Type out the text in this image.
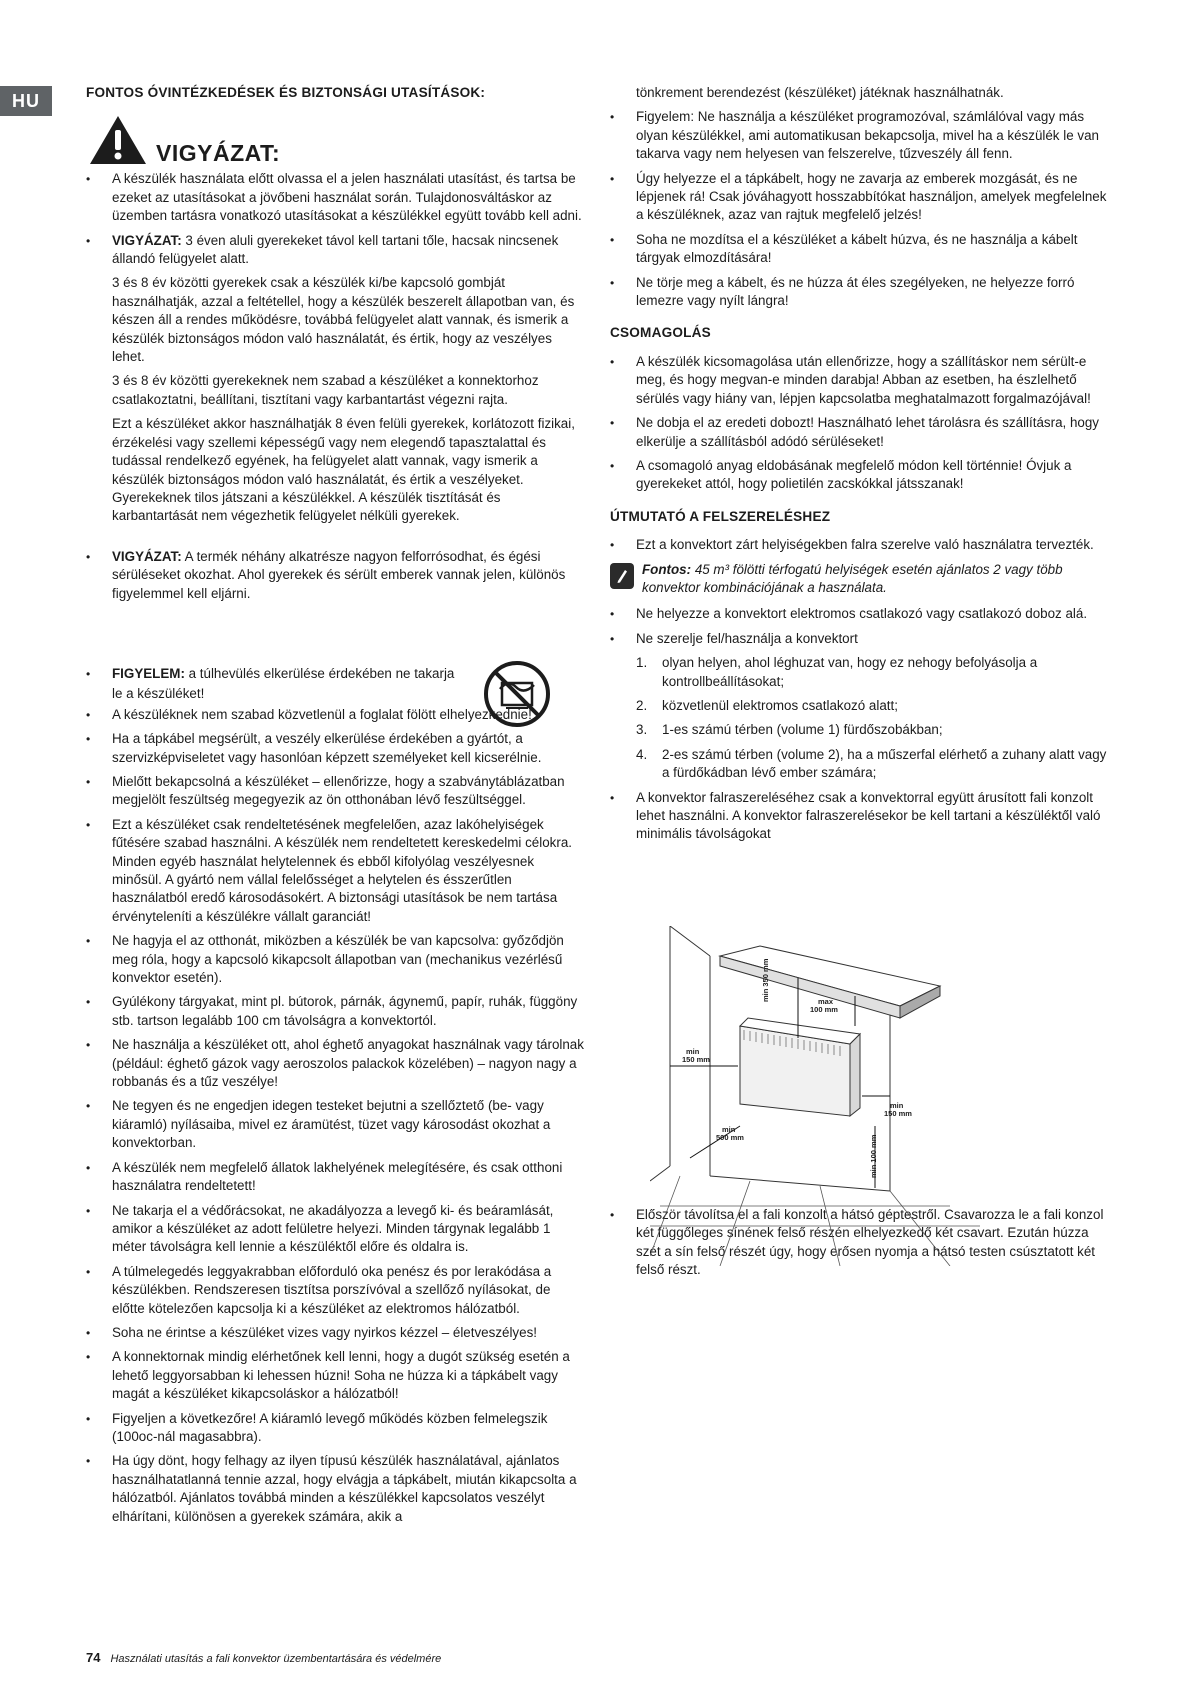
HU	FONTOS ÓVINTÉZKEDÉSEK ÉS BIZTONSÁGI UTASÍTÁSOK:
VIGYÁZAT:
• A készülék használata előtt olvassa el a jelen használati utasítást, és tartsa be ezeket az utasításokat a jövőbeni használat során. Tulajdonosváltáskor az üzemben tartásra vonatkozó utasításokat a készülékkel együtt tovább kell adni.
• VIGYÁZAT: 3 éven aluli gyerekeket távol kell tartani tőle, hacsak nincsenek állandó felügyelet alatt.
3 és 8 év közötti gyerekek csak a készülék ki/be kapcsoló gombját használhatják, azzal a feltétellel, hogy a készülék beszerelt állapotban van, és készen áll a rendes működésre, továbbá felügyelet alatt vannak, és ismerik a készülék biztonságos módon való használatát, és értik, hogy az veszélyes lehet.
3 és 8 év közötti gyerekeknek nem szabad a készüléket a konnektorhoz csatlakoztatni, beállítani, tisztítani vagy karbantartást végezni rajta.
Ezt a készüléket akkor használhatják 8 éven felüli gyerekek, korlátozott fizikai, érzékelési vagy szellemi képességű vagy nem elegendő tapasztalattal és tudással rendelkező egyének, ha felügyelet alatt vannak, vagy ismerik a készülék biztonságos módon való használatát, és értik a veszélyeket. Gyerekeknek tilos játszani a készülékkel. A készülék tisztítását és karbantartását nem végezhetik felügyelet nélküli gyerekek.
• VIGYÁZAT: A termék néhány alkatrésze nagyon felforrósodhat, és égési sérüléseket okozhat. Ahol gyerekek és sérült emberek vannak jelen, különös figyelemmel kell eljárni.
• FIGYELEM: a túlhevülés elkerülése érdekében ne takarja
le a készüléket!
• A készüléknek nem szabad közvetlenül a foglalat fölött elhelyezkednie!
• Ha a tápkábel megsérült, a veszély elkerülése érdekében a gyártót, a szervizképviseletet vagy hasonlóan képzett személyeket kell kicserélnie.
• Mielőtt bekapcsolná a készüléket – ellenőrizze, hogy a szabványtáblázatban megjelölt feszültség megegyezik az ön otthonában lévő feszültséggel.
• Ezt a készüléket csak rendeltetésének megfelelően, azaz lakóhelyiségek fűtésére szabad használni. A készülék nem rendeltetett kereskedelmi célokra. Minden egyéb használat helytelennek és ebből kifolyólag veszélyesnek minősül. A gyártó nem vállal felelősséget a helytelen és ésszerűtlen használatból eredő károsodásokért. A biztonsági utasítások be nem tartása érvényteleníti a készülékre vállalt garanciát!
• Ne hagyja el az otthonát, miközben a készülék be van kapcsolva: győződjön meg róla, hogy a kapcsoló kikapcsolt állapotban van (mechanikus vezérlésű konvektor esetén).
• Gyúlékony tárgyakat, mint pl. bútorok, párnák, ágynemű, papír, ruhák, függöny stb. tartson legalább 100 cm távolságra a konvektortól.
• Ne használja a készüléket ott, ahol éghető anyagokat használnak vagy tárolnak (például: éghető gázok vagy aeroszolos palackok közelében) – nagyon nagy a robbanás és a tűz veszélye!
• Ne tegyen és ne engedjen idegen testeket bejutni a szellőztető (be- vagy kiáramló) nyílásaiba, mivel ez áramütést, tüzet vagy károsodást okozhat a konvektorban.
• A készülék nem megfelelő állatok lakhelyének melegítésére, és csak otthoni használatra rendeltetett!
• Ne takarja el a védőrácsokat, ne akadályozza a levegő ki- és beáramlását, amikor a készüléket az adott felületre helyezi. Minden tárgynak legalább 1 méter távolságra kell lennie a készüléktől előre és oldalra is.
• A túlmelegedés leggyakrabban előforduló oka penész és por lerakódása a készülékben. Rendszeresen tisztítsa porszívóval a szellőző nyílásokat, de előtte kötelezően kapcsolja ki a készüléket az elektromos hálózatból.
• Soha ne érintse a készüléket vizes vagy nyirkos kézzel – életveszélyes!
• A konnektornak mindig elérhetőnek kell lenni, hogy a dugót szükség esetén a lehető leggyorsabban ki lehessen húzni! Soha ne húzza ki a tápkábelt vagy magát a készüléket kikapcsoláskor a hálózatból!
• Figyeljen a következőre! A kiáramló levegő működés közben felmelegszik (100oc-nál magasabbra).
• Ha úgy dönt, hogy felhagy az ilyen típusú készülék használatával, ajánlatos használhatatlanná tennie azzal, hogy elvágja a tápkábelt, miután kikapcsolta a hálózatból. Ajánlatos továbbá minden a készülékkel kapcsolatos veszélyt elhárítani, különösen a gyerekek számára, akik a
tönkrement berendezést (készüléket) játéknak használhatnák.
• Figyelem: Ne használja a készüléket programozóval, számlálóval vagy más olyan készülékkel, ami automatikusan bekapcsolja, mivel ha a készülék le van takarva vagy nem helyesen van felszerelve, tűzveszély áll fenn.
• Úgy helyezze el a tápkábelt, hogy ne zavarja az emberek mozgását, és ne lépjenek rá! Csak jóváhagyott hosszabbítókat használjon, amelyek megfelelnek a készüléknek, azaz van rajtuk megfelelő jelzés!
• Soha ne mozdítsa el a készüléket a kábelt húzva, és ne használja a kábelt tárgyak elmozdítására!
• Ne törje meg a kábelt, és ne húzza át éles szegélyeken, ne helyezze forró lemezre vagy nyílt lángra!
CSOMAGOLÁS
• A készülék kicsomagolása után ellenőrizze, hogy a szállításkor nem sérült-e meg, és hogy megvan-e minden darabja! Abban az esetben, ha észlelhető sérülés vagy hiány van, lépjen kapcsolatba meghatalmazott forgalmazójával!
• Ne dobja el az eredeti dobozt! Használható lehet tárolásra és szállításra, hogy elkerülje a szállításból adódó sérüléseket!
• A csomagoló anyag eldobásának megfelelő módon kell történnie! Óvjuk a gyerekeket attól, hogy polietilén zacskókkal játsszanak!
ÚTMUTATÓ A FELSZERELÉSHEZ
• Ezt a konvektort zárt helyiségekben falra szerelve való használatra tervezték.
Fontos: 45 m³ fölötti térfogatú helyiségek esetén ajánlatos 2 vagy több konvektor kombinációjának a használata.
• Ne helyezze a konvektort elektromos csatlakozó vagy csatlakozó doboz alá.
• Ne szerelje fel/használja a konvektort
1. olyan helyen, ahol léghuzat van, hogy ez nehogy befolyásolja a kontrollbeállításokat;
2. közvetlenül elektromos csatlakozó alatt;
3. 1-es számú térben (volume 1) fürdőszobákban;
4. 2-es számú térben (volume 2), ha a műszerfal elérhető a zuhany alatt vagy a fürdőkádban lévő ember számára;
• A konvektor falraszereléséhez csak a konvektorral együtt árusított fali konzolt lehet használni. A konvektor falraszerelésekor be kell tartani a készüléktől való minimális távolságokat
• Először távolítsa el a fali konzolt a hátsó géptestről. Csavarozza le a fali konzol két függőleges sínének felső részén elhelyezkedő két csavart. Ezután húzza szét a sín felső részét úgy, hogy erősen nyomja a hátsó testen csúsztatott két felső részt.
min 350 mm
max
100 mm
min
150 mm
min
150 mm
min
500 mm
min 100 mm
74 Használati utasítás a fali konvektor üzembentartására és védelmére
